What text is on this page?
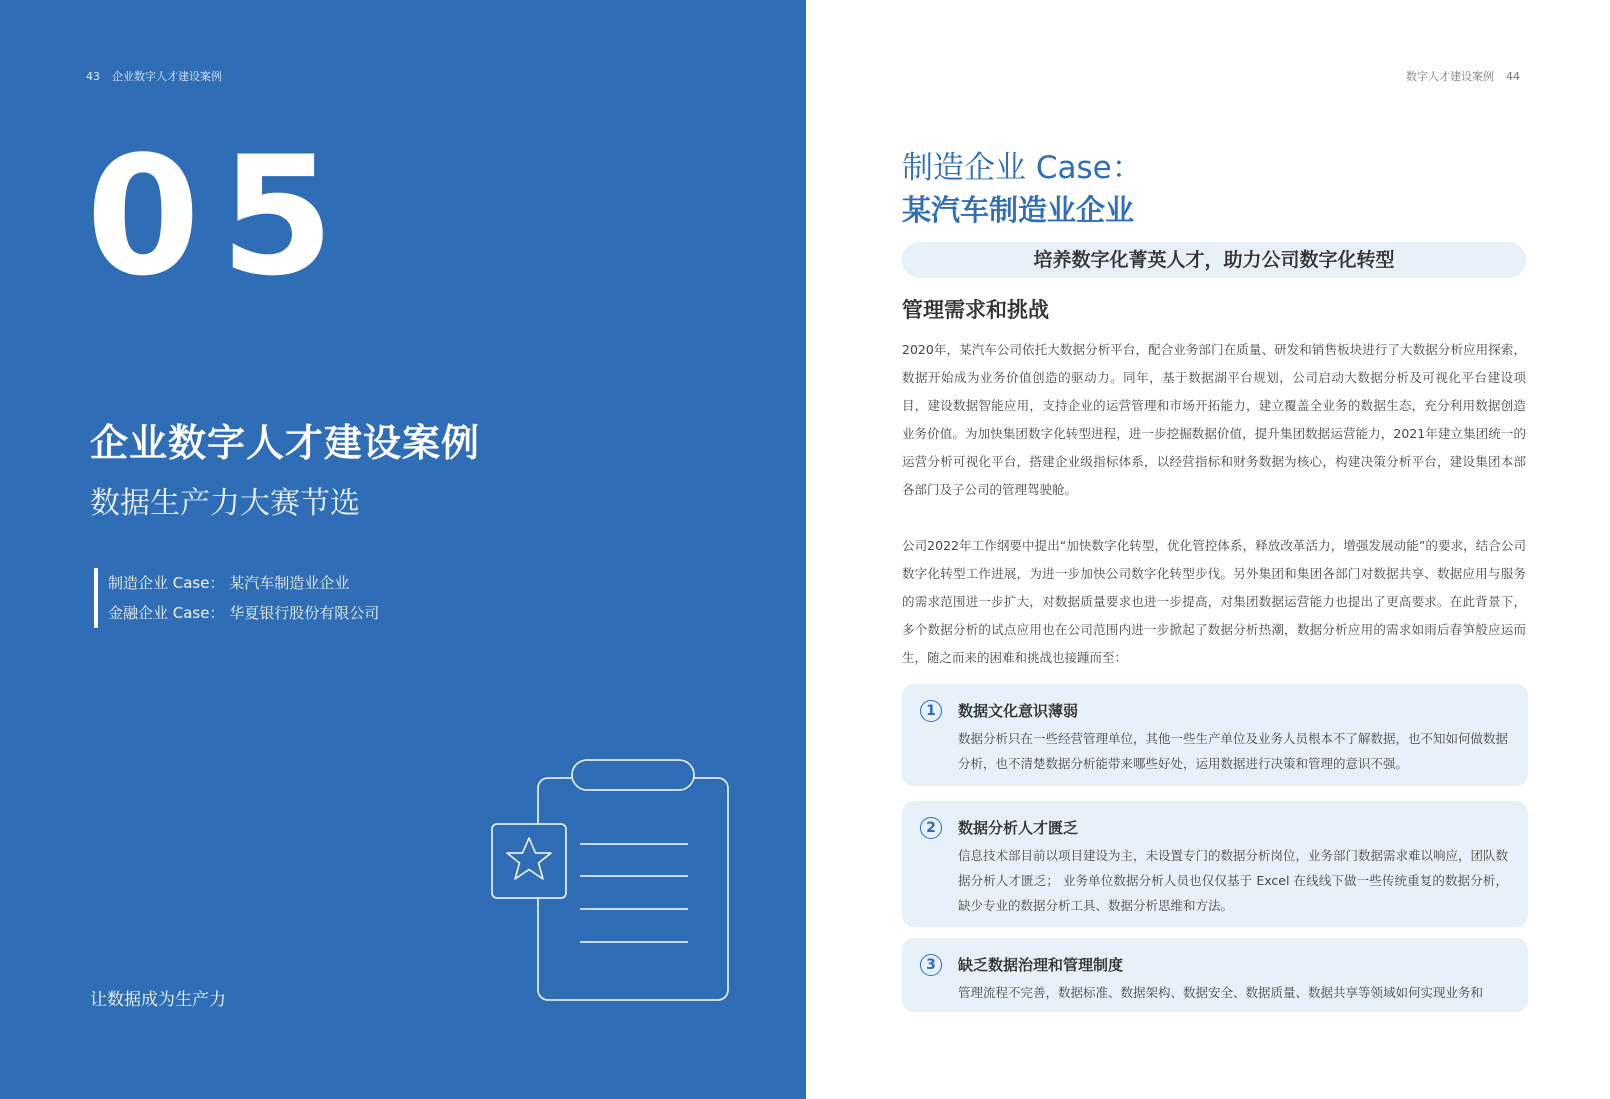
43 企业数字人才建设案例
05
企业数字人才建设案例
数据生产力大赛节选
制造企业 Case： 某汽车制造业企业
金融企业 Case： 华夏银行股份有限公司
让数据成为生产力
数字人才建设案例 44
制造企业 Case：
某汽车制造业企业
培养数字化菁英人才，助力公司数字化转型
管理需求和挑战

2020年，某汽车公司依托大数据分析平台，配合业务部门在质量、研发和销售板块进行了大数据分析应用探索，数据开始成为业务价值创造的驱动力。同年，基于数据湖平台规划，公司启动大数据分析及可视化平台建设项目，建设数据智能应用，支持企业的运营管理和市场开拓能力，建立覆盖全业务的数据生态，充分利用数据创造业务价值。为加快集团数字化转型进程，进一步挖掘数据价值，提升集团数据运营能力，2021年建立集团统一的运营分析可视化平台，搭建企业级指标体系，以经营指标和财务数据为核心，构建决策分析平台，建设集团本部各部门及子公司的管理驾驶舱。

公司2022年工作纲要中提出“加快数字化转型，优化管控体系，释放改革活力，增强发展动能”的要求，结合公司数字化转型工作进展，为进一步加快公司数字化转型步伐。另外集团和集团各部门对数据共享、数据应用与服务的需求范围进一步扩大，对数据质量要求也进一步提高，对集团数据运营能力也提出了更高要求。在此背景下，多个数据分析的试点应用也在公司范围内进一步掀起了数据分析热潮，数据分析应用的需求如雨后春笋般应运而生，随之而来的困难和挑战也接踵而至：

1	数据文化意识薄弱

数据分析只在一些经营管理单位，其他一些生产单位及业务人员根本不了解数据，也不知如何做数据分析，也不清楚数据分析能带来哪些好处，运用数据进行决策和管理的意识不强。

2	数据分析人才匮乏

信息技术部目前以项目建设为主，未设置专门的数据分析岗位，业务部门数据需求难以响应，团队数据分析人才匮乏； 业务单位数据分析人员也仅仅基于 Excel 在线线下做一些传统重复的数据分析，缺少专业的数据分析工具、数据分析思维和方法。

3	缺乏数据治理和管理制度

管理流程不完善，数据标准、数据架构、数据安全、数据质量、数据共享等领域如何实现业务和
